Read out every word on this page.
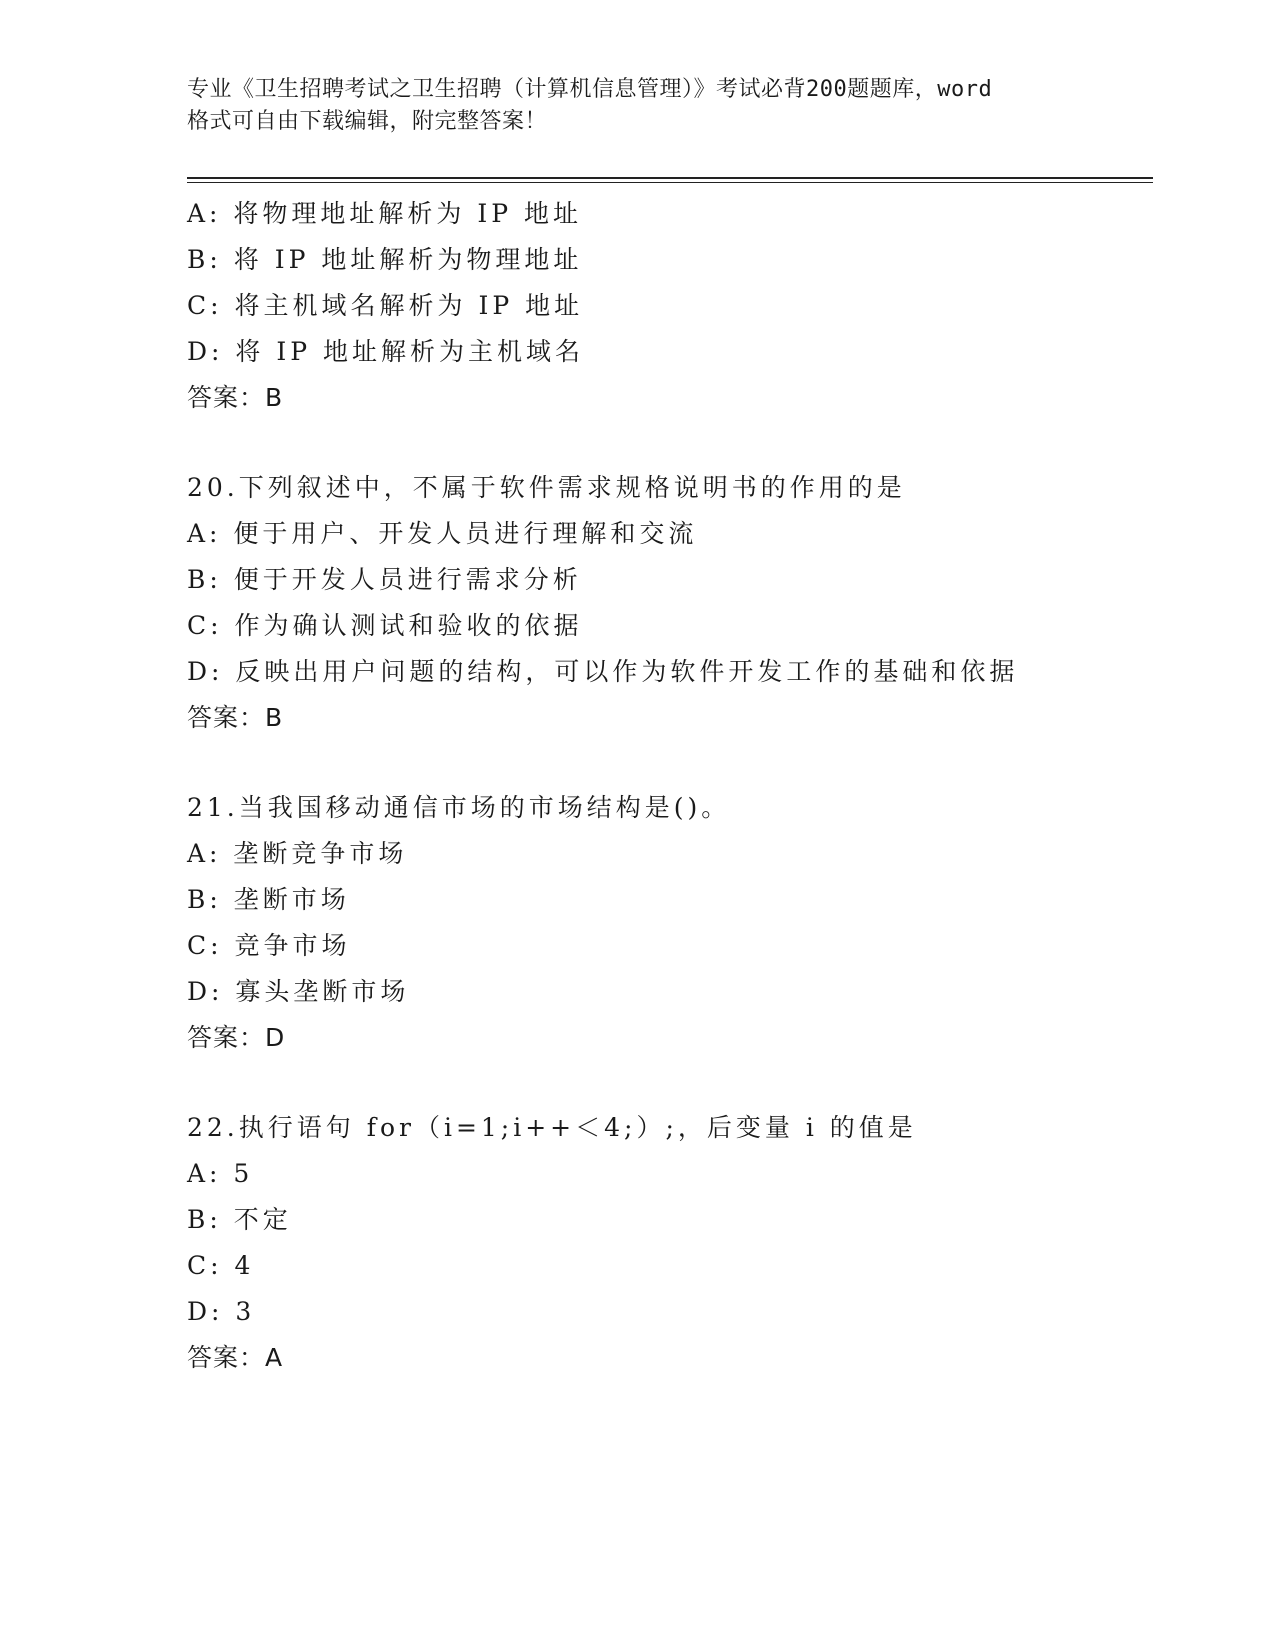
专业《卫生招聘考试之卫生招聘（计算机信息管理）》考试必背200题题库，word
格式可自由下载编辑，附完整答案！
A: 将物理地址解析为 IP 地址
B: 将 IP 地址解析为物理地址
C: 将主机域名解析为 IP 地址
D: 将 IP 地址解析为主机域名
答案：B
20.下列叙述中，不属于软件需求规格说明书的作用的是
A: 便于用户、开发人员进行理解和交流
B: 便于开发人员进行需求分析
C: 作为确认测试和验收的依据
D: 反映出用户问题的结构，可以作为软件开发工作的基础和依据
答案：B
21.当我国移动通信市场的市场结构是()。
A: 垄断竞争市场
B: 垄断市场
C: 竞争市场
D: 寡头垄断市场
答案：D
22.执行语句 for（i=1;i++＜4;）;，后变量 i 的值是
A: 5
B: 不定
C: 4
D: 3
答案：A
